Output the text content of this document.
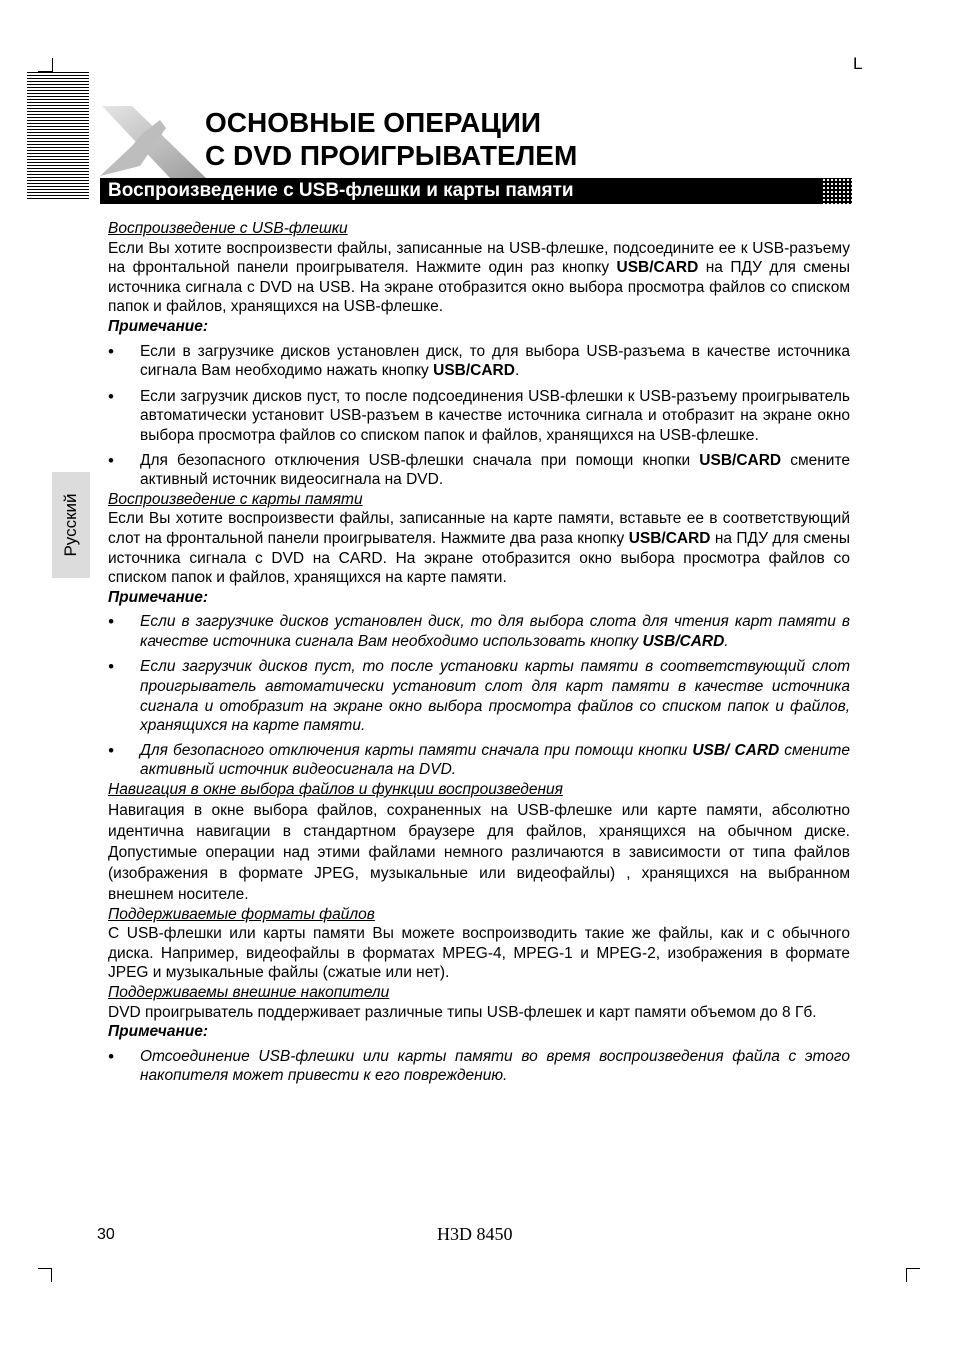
L
ОСНОВНЫЕ ОПЕРАЦИИ
С DVD ПРОИГРЫВАТЕЛЕМ
Воспроизведение с USB-флешки и карты памяти
Русский
Воспроизведение с USB-флешки

Если Вы хотите воспроизвести файлы, записанные на USB-флешке, подсоедините ее к USB-разъему на фронтальной панели проигрывателя. Нажмите один раз кнопку USB/CARD на ПДУ для смены источника сигнала с DVD на USB. На экране отобразится окно выбора просмотра файлов со списком папок и файлов, хранящихся на USB-флешке.

Примечание:
• Если в загрузчике дисков установлен диск, то для выбора USB-разъема в качестве источника сигнала Вам необходимо нажать кнопку USB/CARD.
• Если загрузчик дисков пуст, то после подсоединения USB-флешки к USB-разъему проигрыватель автоматически установит USB-разъем в качестве источника сигнала и отобразит на экране окно выбора просмотра файлов со списком папок и файлов, хранящихся на USB-флешке.
• Для безопасного отключения USB-флешки сначала при помощи кнопки USB/CARD смените активный источник видеосигнала на DVD.
Воспроизведение с карты памяти

Если Вы хотите воспроизвести файлы, записанные на карте памяти, вставьте ее в соответствующий слот на фронтальной панели проигрывателя. Нажмите два раза кнопку USB/CARD на ПДУ для смены источника сигнала с DVD на CARD. На экране отобразится окно выбора просмотра файлов со списком папок и файлов, хранящихся на карте памяти.

Примечание:
• Если в загрузчике дисков установлен диск, то для выбора слота для чтения карт памяти в качестве источника сигнала Вам необходимо использовать кнопку USB/CARD.
• Если загрузчик дисков пуст, то после установки карты памяти в соответствующий слот проигрыватель автоматически установит слот для карт памяти в качестве источника сигнала и отобразит на экране окно выбора просмотра файлов со списком папок и файлов, хранящихся на карте памяти.
• Для безопасного отключения карты памяти сначала при помощи кнопки USB/ CARD смените активный источник видеосигнала на DVD.
Навигация в окне выбора файлов и функции воспроизведения

Навигация в окне выбора файлов, сохраненных на USB-флешке или карте памяти, абсолютно идентична навигации в стандартном браузере для файлов, хранящихся на обычном диске. Допустимые операции над этими файлами немного различаются в зависимости от типа файлов (изображения в формате JPEG, музыкальные или видеофайлы) , хранящихся на выбранном внешнем носителе.

Поддерживаемые форматы файлов

С USB-флешки или карты памяти Вы можете воспроизводить такие же файлы, как и с обычного диска. Например, видеофайлы в форматах MPEG-4, MPEG-1 и MPEG-2, изображения в формате JPEG и музыкальные файлы (сжатые или нет).

Поддерживаемы внешние накопители

DVD проигрыватель поддерживает различные типы USB-флешек и карт памяти объемом до 8 Гб.

Примечание:
• Отсоединение USB-флешки или карты памяти во время воспроизведения файла с этого накопителя может привести к его повреждению.
30	H3D 8450
